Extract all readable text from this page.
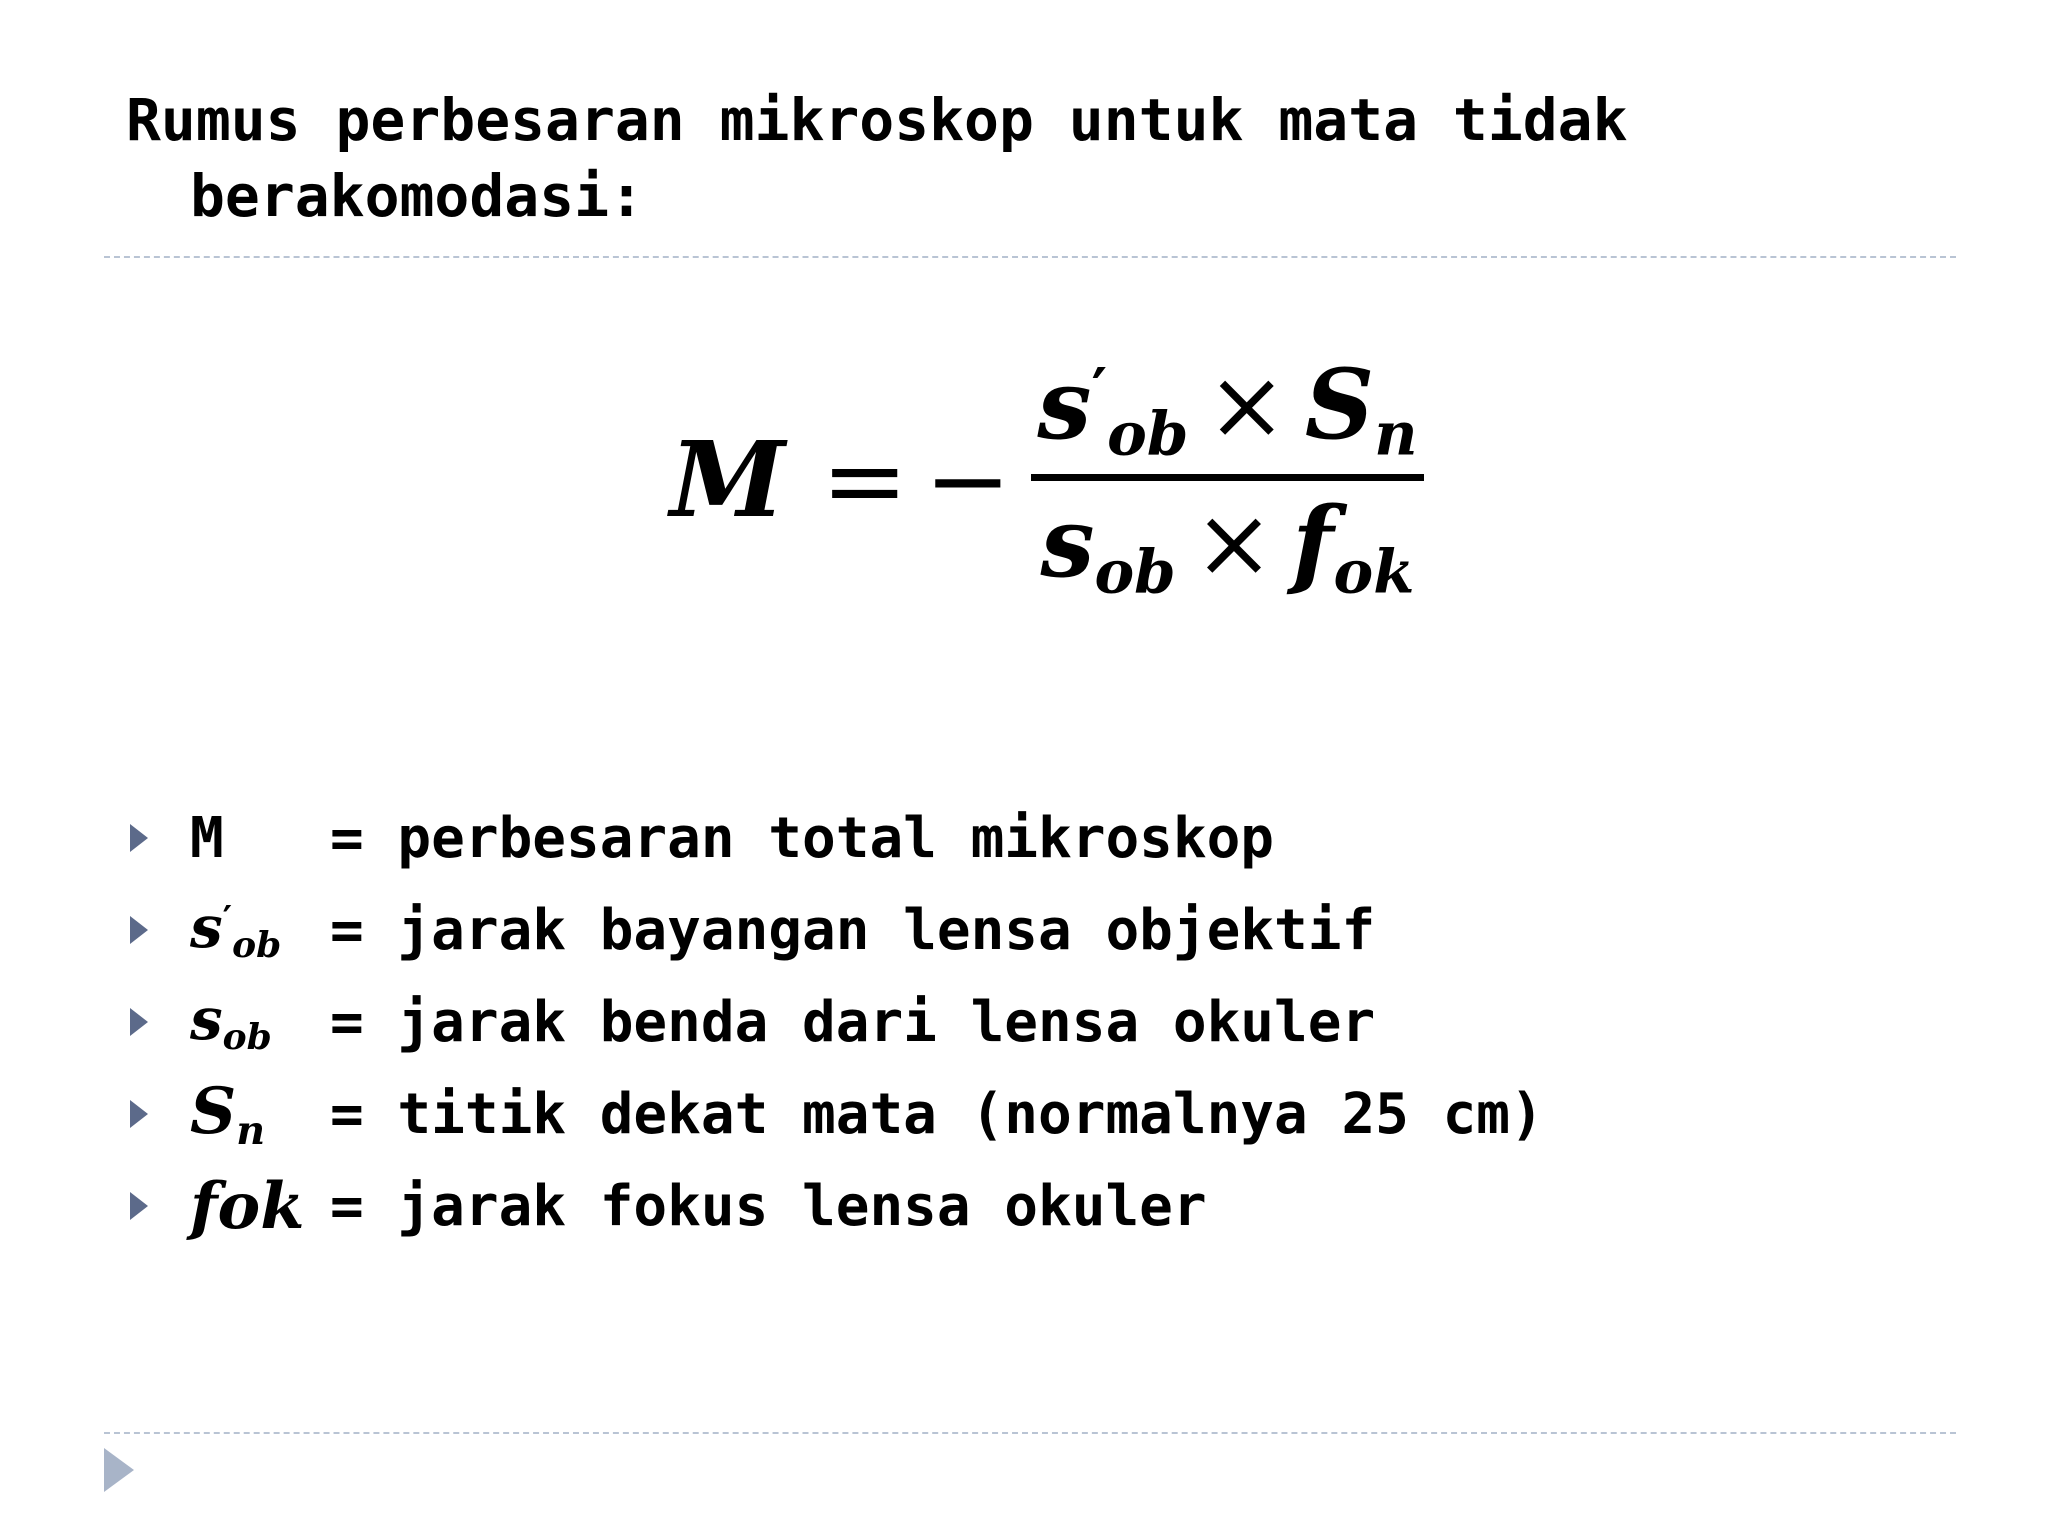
Rumus perbesaran mikroskop untuk mata tidak berakomodasi:
M = −
$s'_{ob} \times S_n$
$s_{ob} \times f_{ok}$
M	= perbesaran total mikroskop
$s'_{ob}$ = jarak bayangan lensa objektif
$s_{ob}$	= jarak benda dari lensa okuler
$S_n$	= titik dekat mata (normalnya 25 cm)
fok = jarak fokus lensa okuler
